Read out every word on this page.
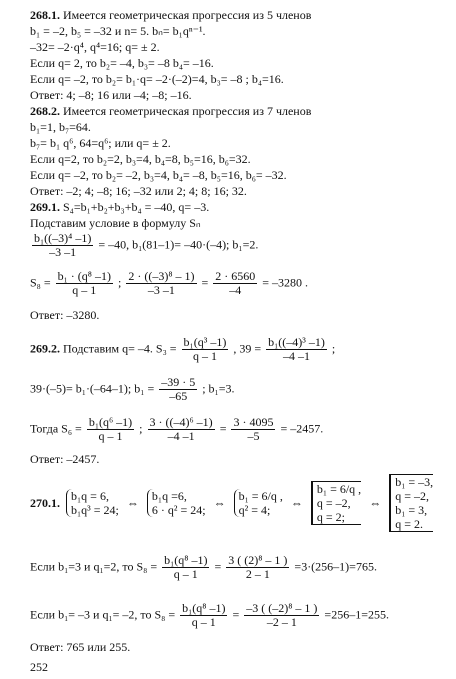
268.1. Имеется геометрическая прогрессия из 5 членов
b₁ = –2, b₅ = –32 и n= 5. bₙ= b₁qⁿ⁻¹.
–32= –2·q⁴, q⁴=16; q= ± 2.
Если q= 2, то b₂= –4, b₃= –8 b₄= –16.
Если q= –2, то b₂= b₁·q= –2·(–2)=4, b₃= –8 ; b₄=16.
Ответ: 4; –8; 16 или –4; –8; –16.
268.2. Имеется геометрическая прогрессия из 7 членов
b₁=1, b₇=64.
b₇= b₁ q⁶, 64=q⁶; или q= ± 2.
Если q=2, то b₂=2, b₃=4, b₄=8, b₅=16, b₆=32.
Если q= –2, то b₂= –2, b₃=4, b₄= –8, b₅=16, b₆= –32.
Ответ: –2; 4; –8; 16; –32 или 2; 4; 8; 16; 32.
269.1. S₄=b₁+b₂+b₃+b₄ = –40, q= –3.
Подставим условие в формулу Sₙ
$\frac{\text{b₁((–3)⁴ –1)}}{-3 -1} = -40$, b₁(81–1)= –40·(–4); b₁=2.
$S_8 = \frac{\text{b₁ · (q⁸ –1)}}{q - 1}$ ; $\frac{\text{2 · ((–3)⁸ – 1)}}{-3 -1} = \frac{2 \cdot 6560}{-4} = -3280$ .
Ответ: –3280.
269.2. Подставим q= –4. $S_3 = \frac{\text{b₁(q³ –1)}}{q - 1}$ , $39 = \frac{\text{b₁((–4)³ –1)}}{-4 -1}$ ;
39·(–5)= b₁·(–64–1); $b_1 = \frac{-39 \cdot 5}{-65}$ ; b₁=3.
Тогда $S_6 = \frac{\text{b₁(q⁶ –1)}}{q - 1}$ ; $\frac{\text{3 · ((–4)⁶ –1)}}{-4 -1} = \frac{3 \cdot 4095}{-5} = -2457$.
Ответ: –2457.
270.1. b₁q = 6,
b₁q³ = 24; ⇔ b₁q =6,
6 · q² = 24; ⇔ b₁ = 6/q ,
q² = 4;	⇔
b₁ = 6/q ,
q = –2,
q = 2;
⇔
b₁ = –3,
q = –2,
b₁ = 3,
q = 2.
Если b₁=3 и q₁=2, то $S_8 = \frac{\text{b₁(q⁸ –1)}}{q - 1} = \frac{\text{3 ( (2)⁸ – 1 )}}{2 - 1} =3\cdot(256-1)=765$.
Если b₁= –3 и q₁= –2, то $S_8 = \frac{\text{b₁(q⁸ –1)}}{q - 1} = \frac{\text{–3 ( (–2)⁸ – 1 )}}{-2 - 1} =256-1=255$.
Ответ: 765 или 255.
252
